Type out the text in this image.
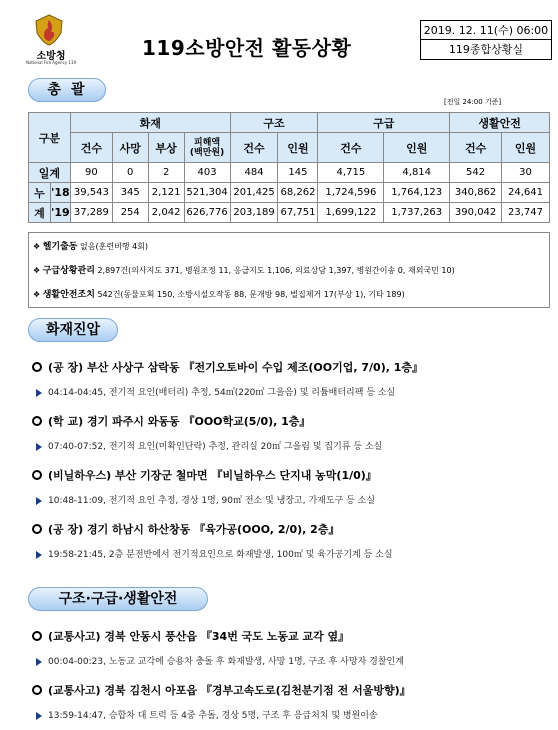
소방청
National Fire Agency 119
119소방안전 활동상황
2019. 12. 11(수) 06:00
119종합상황실
총괄
[전일 24:00 기준]
구분		화재				구조		구급		생활안전	
		건수	사망	부상	피해액
(백만원)	건수	인원	건수	인원	건수	인원
일계		90	0	2	403	484	145	4,715	4,814	542	30
누	'18	39,543	345	2,121	521,304	201,425	68,262	1,724,596	1,764,123	340,862	24,641
계	'19	37,289	254	2,042	626,776	203,189	67,751	1,699,122	1,737,263	390,042	23,747
❖ 헬기출동 없음(훈련비행 4회)
❖ 구급상황관리 2,897건(의사지도 371, 병원조정 11, 응급지도 1,106, 의료상담 1,397, 병원간이송 0, 재외국민 10)
❖ 생활안전조치 542건(동물포획 150, 소방시설오작동 88, 문개방 98, 벌집제거 17(부상 1), 기타 189)
화재진압
(공 장) 부산 사상구 삼락동 『전기오토바이 수입 제조(OO기업, 7/0), 1층』
04:14-04:45, 전기적 요인(배터리) 추정, 54㎡(220㎡ 그을음) 및 리튬배터리팩 등 소실
(학 교) 경기 파주시 와동동 『OOO학교(5/0), 1층』
07:40-07:52, 전기적 요인(미확인단락) 추정, 관리실 20㎡ 그을림 및 집기류 등 소실
(비닐하우스) 부산 기장군 철마면 『비닐하우스 단지내 농막(1/0)』
10:48-11:09, 전기적 요인 추정, 경상 1명, 90㎡ 전소 및 냉장고, 가재도구 등 소실
(공 장) 경기 하남시 하산창동 『육가공(OOO, 2/0), 2층』
19:58-21:45, 2층 분전반에서 전기적요인으로 화재발생, 100㎡ 및 육가공기계 등 소실
구조·구급·생활안전
(교통사고) 경북 안동시 풍산읍 『34번 국도 노동교 교각 옆』
00:04-00:23, 노동교 교각에 승용차 충돌 후 화재발생, 사망 1명, 구조 후 사망자 경찰인계
(교통사고) 경북 김천시 아포읍 『경부고속도로(김천분기점 전 서울방향)』
13:59-14:47, 승합차 대 트럭 등 4중 추돌, 경상 5명, 구조 후 응급처치 및 병원이송
